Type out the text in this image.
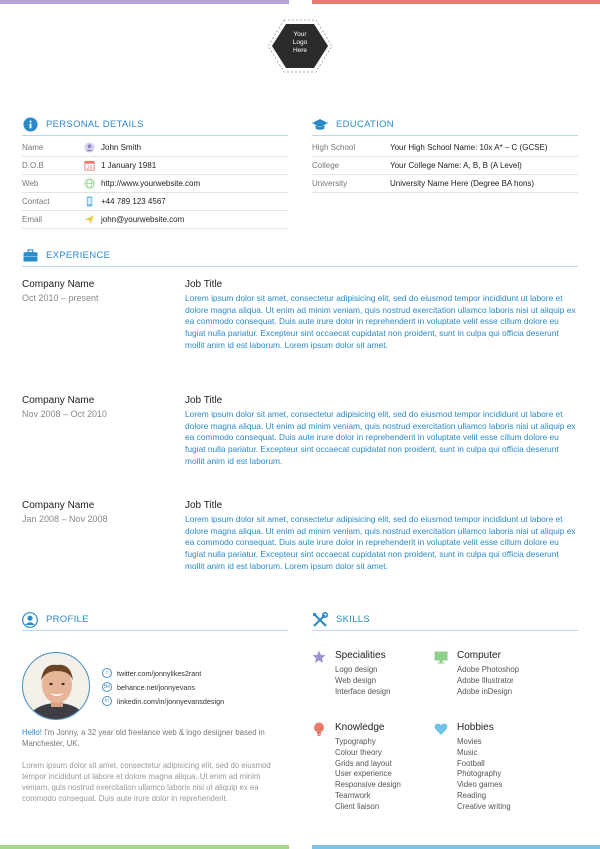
Your
Logo
Here
PERSONAL DETAILS
Name	John Smith
D.O.B	29 1 January 1981
Web	http://www.yourwebsite.com
Contact	+44 789 123 4567
Email	john@yourwebsite.com
EDUCATION
High School	Your High School Name: 10x A* – C (GCSE)
College	Your College Name: A, B, B (A Level)
University	University Name Here (Degree BA hons)
EXPERIENCE
Company Name
Oct 2010 – present
Job Title
Lorem ipsum dolor sit amet, consectetur adipisicing elit, sed do eiusmod tempor incididunt ut labore et dolore magna aliqua. Ut enim ad minim veniam, quis nostrud exercitation ullamco laboris nisi ut aliquip ex ea commodo consequat. Duis aute irure dolor in reprehenderit in voluptate velit esse cillum dolore eu fugiat nulla pariatur. Excepteur sint occaecat cupidatat non proident, sunt in culpa qui officia deserunt mollit anim id est laborum. Lorem ipsum dolor sit amet.
Company Name
Nov 2008 – Oct 2010
Job Title
Lorem ipsum dolor sit amet, consectetur adipisicing elit, sed do eiusmod tempor incididunt ut labore et dolore magna aliqua. Ut enim ad minim veniam, quis nostrud exercitation ullamco laboris nisi ut aliquip ex ea commodo consequat. Duis aute irure dolor in reprehenderit in voluptate velit esse cillum dolore eu fugiat nulla pariatur. Excepteur sint occaecat cupidatat non proident, sunt in culpa qui officia deserunt mollit anim id est laborum.
Company Name
Jan 2008 – Nov 2008
Job Title
Lorem ipsum dolor sit amet, consectetur adipisicing elit, sed do eiusmod tempor incididunt ut labore et dolore magna aliqua. Ut enim ad minim veniam, quis nostrud exercitation ullamco laboris nisi ut aliquip ex ea commodo consequat. Duis aute irure dolor in reprehenderit in voluptate velit esse cillum dolore eu fugiat nulla pariatur. Excepteur sint occaecat cupidatat non proident, sunt in culpa qui officia deserunt mollit anim id est laborum. Lorem ipsum dolor sit amet.
PROFILE
t	twitter.com/jonnylikes2rant
Be behance.net/jonnyevans
in	linkedin.com/in/jonnyevansdesign
Hello! I'm Jonny, a 32 year old freelance web & logo designer based in Manchester, UK.
Lorem ipsum dolor sit amet, consectetur adipisicing elit, sed do eiusmod tempor incididunt ut labore et dolore magna aliqua. Ut enim ad minim veniam, quis nostrud exercitation ullamco laboris nisi ut aliquip ex ea commodo consequat. Duis aute irure dolor in reprehenderit.
SKILLS
Specialities
Logo design
Web design
Interface design
Computer
Adobe Photoshop
Adobe Illustrator
Adobe inDesign
Knowledge
Typography
Colour theory
Grids and layout
User experience
Responsive design
Teamwork
Client liaison
Hobbies
Movies
Music
Football
Photography
Video games
Reading
Creative writing
